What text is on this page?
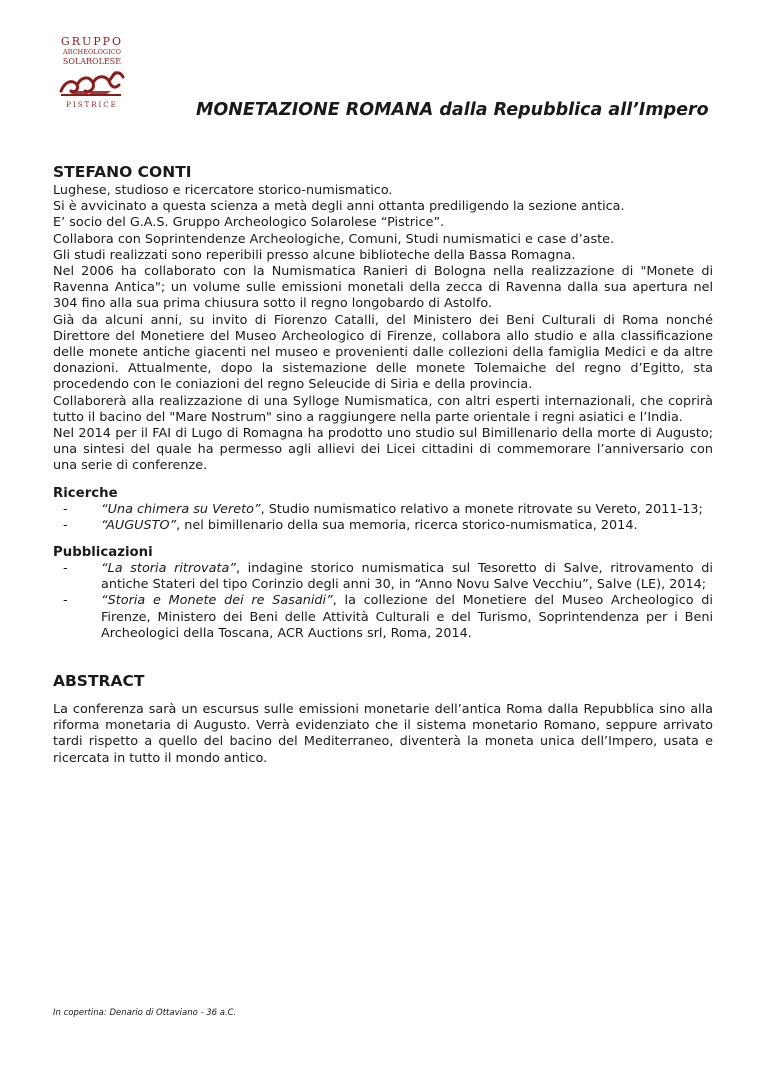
GRUPPO
ARCHEOLOGICO
SOLAROLESE
PISTRICE	MONETAZIONE ROMANA dalla Repubblica all’Impero
STEFANO CONTI

Lughese, studioso e ricercatore storico-numismatico.

Si è avvicinato a questa scienza a metà degli anni ottanta prediligendo la sezione antica.

E’ socio del G.A.S. Gruppo Archeologico Solarolese “Pistrice”.

Collabora con Soprintendenze Archeologiche, Comuni, Studi numismatici e case d’aste.

Gli studi realizzati sono reperibili presso alcune biblioteche della Bassa Romagna.

Nel 2006 ha collaborato con la Numismatica Ranieri di Bologna nella realizzazione di "Monete di Ravenna Antica"; un volume sulle emissioni monetali della zecca di Ravenna dalla sua apertura nel 304 fino alla sua prima chiusura sotto il regno longobardo di Astolfo.

Già da alcuni anni, su invito di Fiorenzo Catalli, del Ministero dei Beni Culturali di Roma nonché Direttore del Monetiere del Museo Archeologico di Firenze, collabora allo studio e alla classificazione delle monete antiche giacenti nel museo e provenienti dalle collezioni della famiglia Medici e da altre donazioni. Attualmente, dopo la sistemazione delle monete Tolemaiche del regno d’Egitto, sta procedendo con le coniazioni del regno Seleucide di Siria e della provincia.

Collaborerà alla realizzazione di una Sylloge Numismatica, con altri esperti internazionali, che coprirà tutto il bacino del "Mare Nostrum" sino a raggiungere nella parte orientale i regni asiatici e l’India.

Nel 2014 per il FAI di Lugo di Romagna ha prodotto uno studio sul Bimillenario della morte di Augusto; una sintesi del quale ha permesso agli allievi dei Licei cittadini di commemorare l’anniversario con una serie di conferenze.

Ricerche
- “Una chimera su Vereto”, Studio numismatico relativo a monete ritrovate su Vereto, 2011-13;
- “AUGUSTO”, nel bimillenario della sua memoria, ricerca storico-numismatica, 2014.
Pubblicazioni
- “La storia ritrovata”, indagine storico numismatica sul Tesoretto di Salve, ritrovamento di antiche Stateri del tipo Corinzio degli anni 30, in “Anno Novu Salve Vecchiu”, Salve (LE), 2014;
- “Storia e Monete dei re Sasanidi”, la collezione del Monetiere del Museo Archeologico di Firenze, Ministero dei Beni delle Attività Culturali e del Turismo, Soprintendenza per i Beni Archeologici della Toscana, ACR Auctions srl, Roma, 2014.
ABSTRACT

La conferenza sarà un escursus sulle emissioni monetarie dell’antica Roma dalla Repubblica sino alla riforma monetaria di Augusto. Verrà evidenziato che il sistema monetario Romano, seppure arrivato tardi rispetto a quello del bacino del Mediterraneo, diventerà la moneta unica dell’Impero, usata e ricercata in tutto il mondo antico.

In copertina: Denario di Ottaviano - 36 a.C.
